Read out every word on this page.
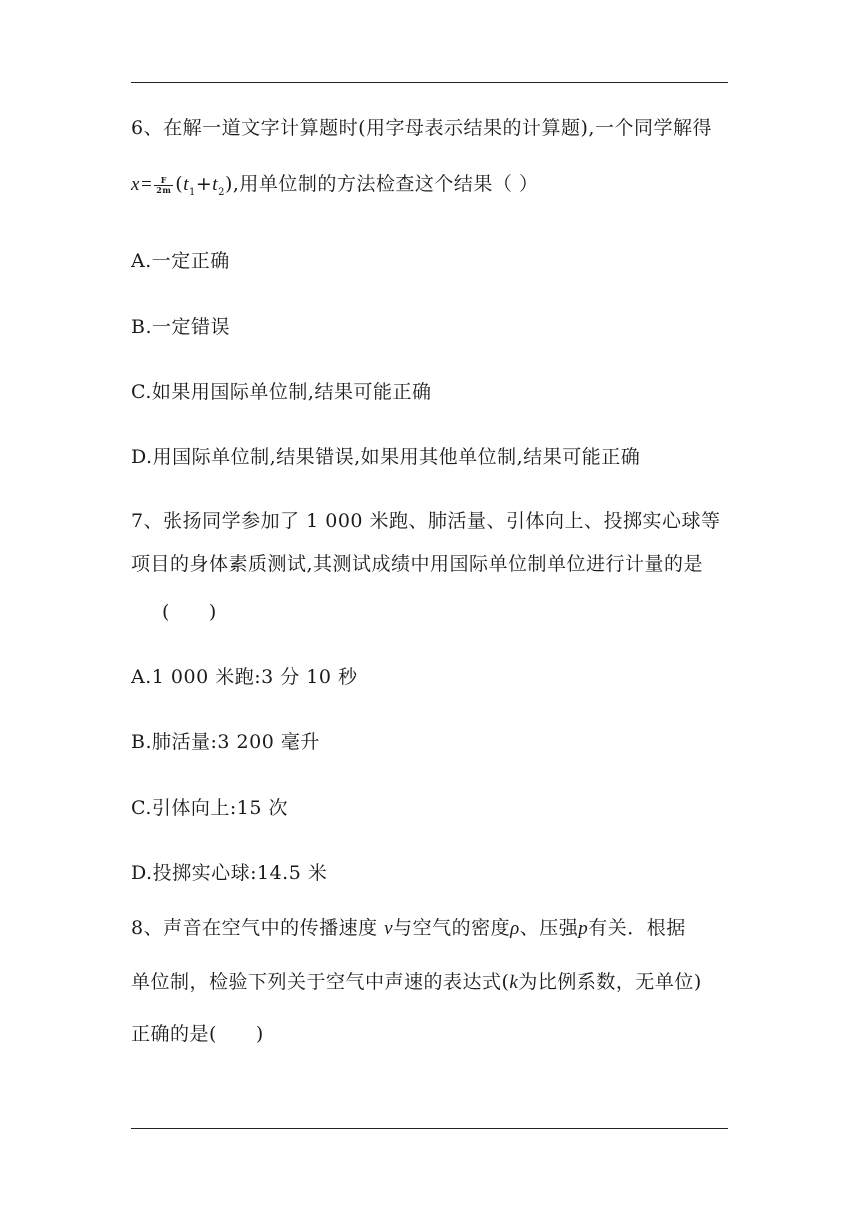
6、在解一道文字计算题时(用字母表示结果的计算题),一个同学解得
$x= \frac{F}{2m} (t_1+t_2)$,用单位制的方法检查这个结果（ ）
A.一定正确
B.一定错误
C.如果用国际单位制,结果可能正确
D.用国际单位制,结果错误,如果用其他单位制,结果可能正确
7、张扬同学参加了 1 000 米跑、肺活量、引体向上、投掷实心球等
项目的身体素质测试,其测试成绩中用国际单位制单位进行计量的是
(　　)
A.1 000 米跑:3 分 10 秒
B.肺活量:3 200 毫升
C.引体向上:15 次
D.投掷实心球:14.5 米
8、声音在空气中的传播速度 v与空气的密度ρ、压强p有关．根据
单位制，检验下列关于空气中声速的表达式(k为比例系数，无单位)
正确的是(　　)
